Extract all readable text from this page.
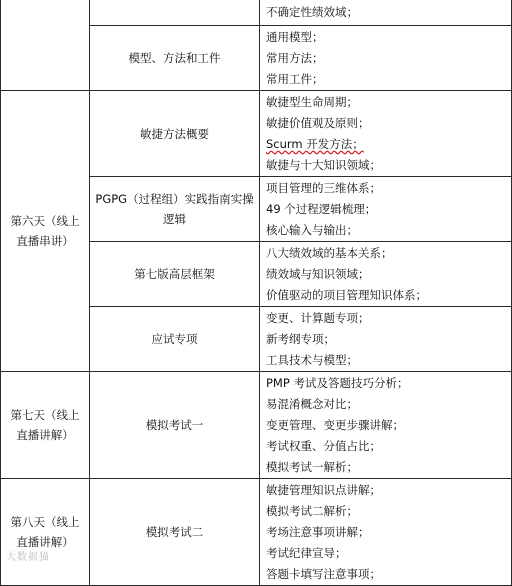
		不确定性绩效域；

	模型、方法和工件	通用模型；
常用方法；
常用工件；

第六天（线上直播串讲）	敏捷方法概要	敏捷型生命周期；
敏捷价值观及原则；
Scurm 开发方法；
敏捷与十大知识领域；

	PGPG（过程组）实践指南实操逻辑	项目管理的三维体系；
49 个过程逻辑梳理；
核心输入与输出；

	第七版高层框架	八大绩效域的基本关系；
绩效域与知识领域；
价值驱动的项目管理知识体系；

	应试专项	变更、计算题专项；
新考纲专项；
工具技术与模型；

第七天（线上直播讲解）	模拟考试一	PMP 考试及答题技巧分析；
易混淆概念对比；
变更管理、变更步骤讲解；
考试权重、分值占比；
模拟考试一解析；

第八天（线上直播讲解）	模拟考试二	敏捷管理知识点讲解；
模拟考试二解析；
考场注意事项讲解；
考试纪律宣导；
答题卡填写注意事项；
大数据猫
